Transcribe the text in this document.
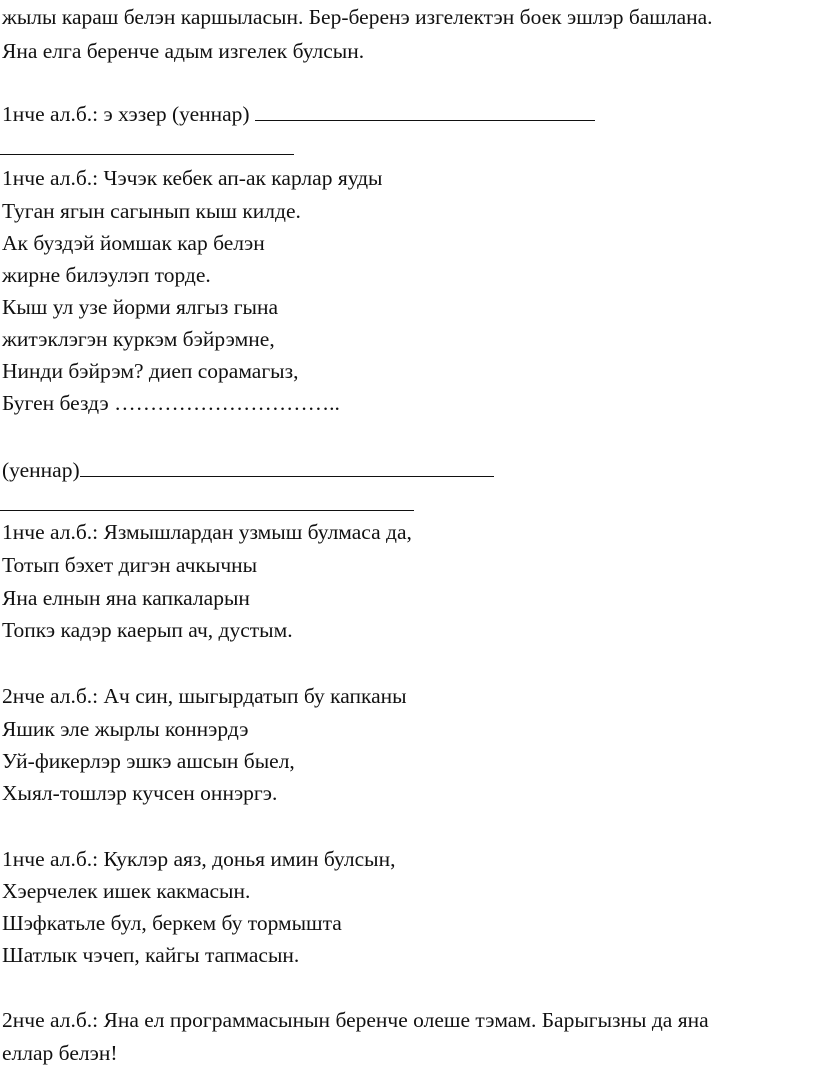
жылы караш белэн каршыласын. Бер-беренэ изгелектэн боек эшлэр башлана.
Яна елга беренче адым изгелек булсын.
1нче ал.б.: э хэзер (уеннар)
1нче ал.б.: Чэчэк кебек ап-ак карлар яуды
Туган ягын сагынып кыш килде.
Ак буздэй йомшак кар белэн
жирне билэулэп торде.
Кыш ул узе йорми ялгыз гына
житэклэгэн куркэм бэйрэмне,
Нинди бэйрэм? диеп сорамагыз,
Буген бездэ …………………………..
(уеннар)
1нче ал.б.: Язмышлардан узмыш булмаса да,
Тотып бэхет дигэн ачкычны
Яна елнын яна капкаларын
Топкэ кадэр каерып ач, дустым.
2нче ал.б.: Ач син, шыгырдатып бу капканы
Яшик эле жырлы коннэрдэ
Уй-фикерлэр эшкэ ашсын быел,
Хыял-тошлэр кучсен оннэргэ.
1нче ал.б.: Куклэр аяз, донья имин булсын,
Хэерчелек ишек какмасын.
Шэфкатьле бул, беркем бу тормышта
Шатлык чэчеп, кайгы тапмасын.
2нче ал.б.: Яна ел программасынын беренче олеше тэмам. Барыгызны да яна
еллар белэн!
